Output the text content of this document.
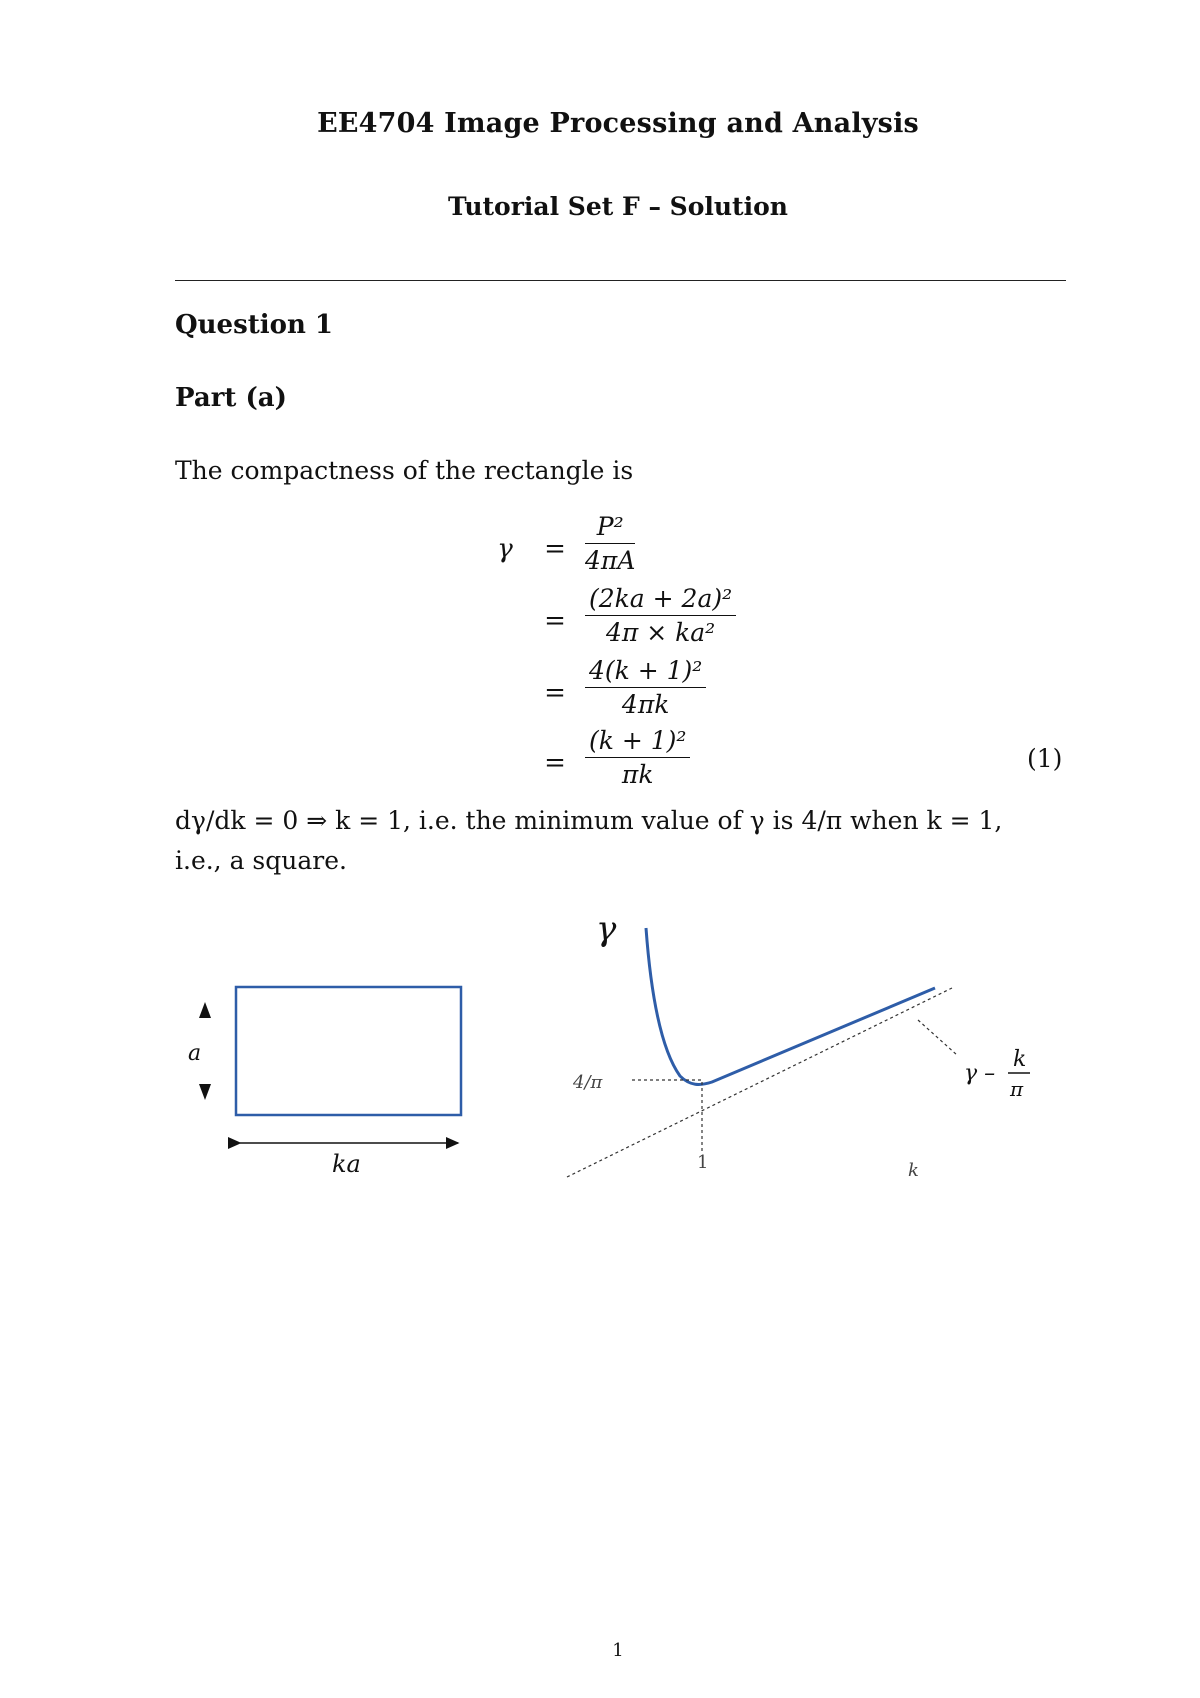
EE4704 Image Processing and Analysis
Tutorial Set F – Solution
Question 1
Part (a)
The compactness of the rectangle is
$\gamma = \frac{\text{P²}}{4\pi A}$
= $\frac{\text{(2ka + 2a)²}}{\text{4π × ka²}}$
= $\frac{\text{4(k + 1)²}}{4\pi k}$
= $\frac{\text{(k + 1)²}}{\pi k}$	(1)
dγ/dk = 0 ⇒ k = 1, i.e. the minimum value of γ is 4/π when k = 1,
i.e., a square.
a
ka
γ
4/π
1	k
γ –
k
π
1
